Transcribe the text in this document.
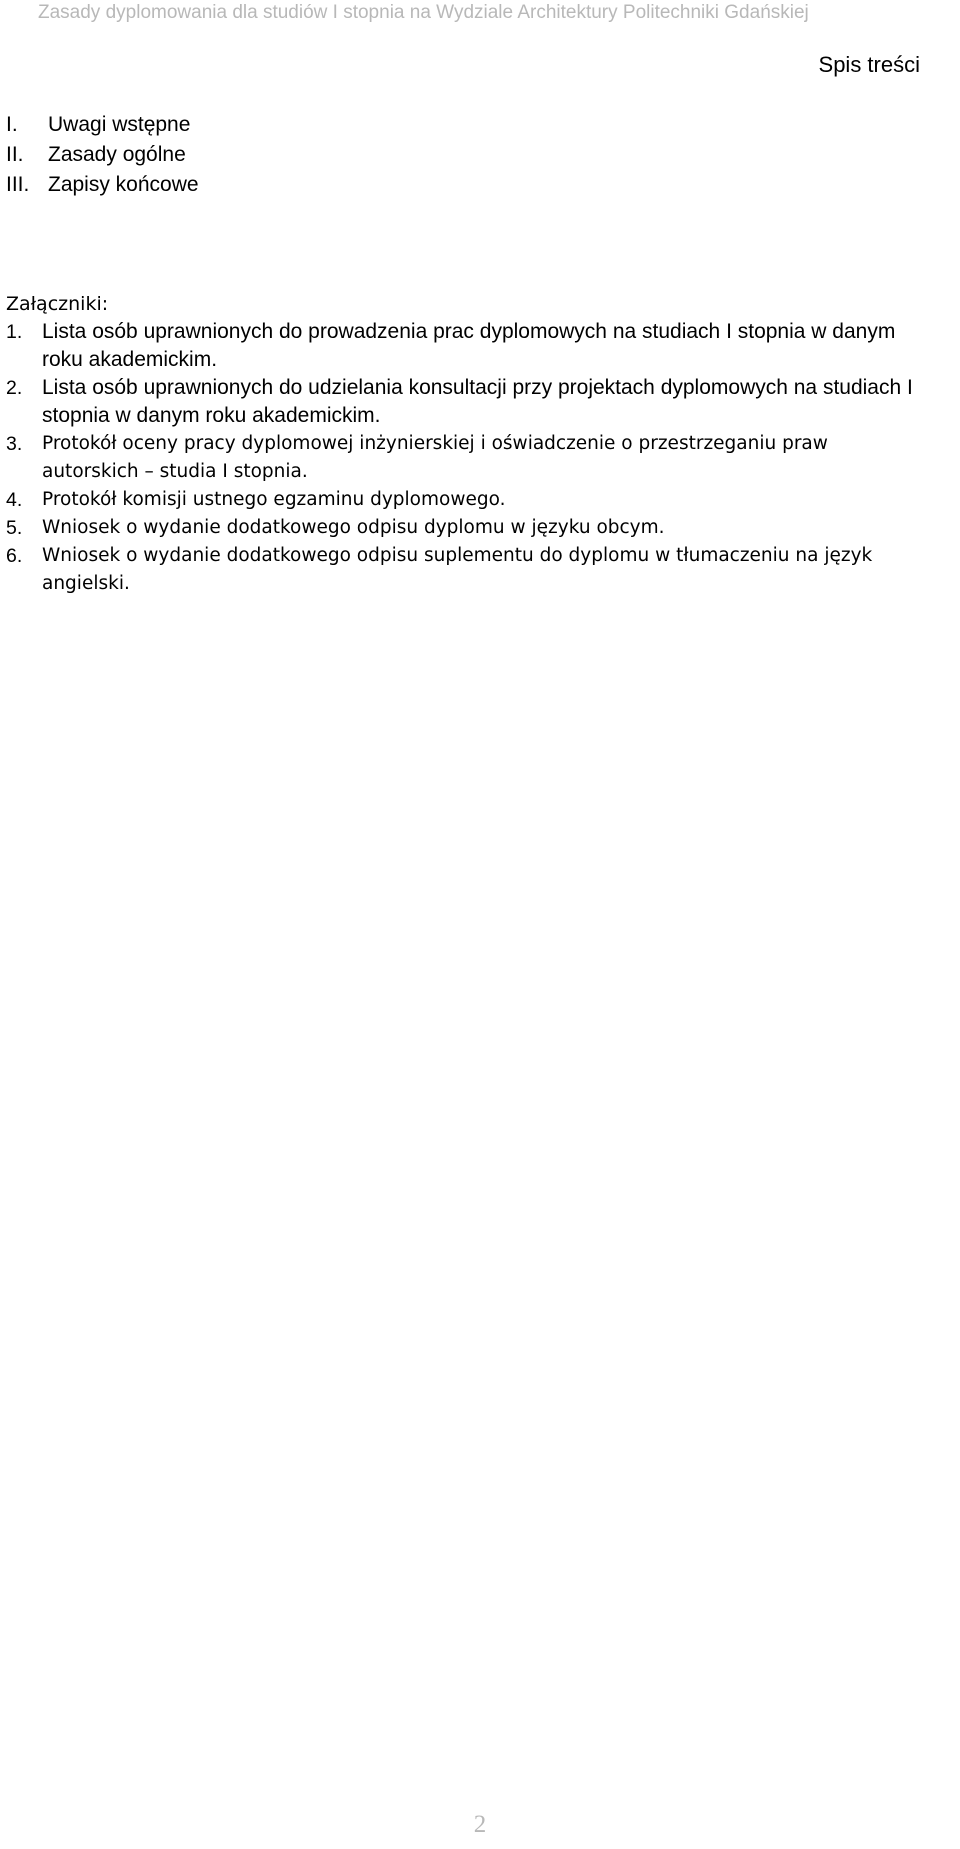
Zasady dyplomowania dla studiów I stopnia na Wydziale Architektury Politechniki Gdańskiej
Spis treści
I.	Uwagi wstępne
II.	Zasady ogólne
III. Zapisy końcowe
Załączniki:
1. Lista osób uprawnionych do prowadzenia prac dyplomowych na studiach I stopnia w danym roku akademickim.
2. Lista osób uprawnionych do udzielania konsultacji przy projektach dyplomowych na studiach I stopnia w danym roku akademickim.
3.	Protokół oceny pracy dyplomowej inżynierskiej i oświadczenie o przestrzeganiu praw autorskich – studia I stopnia.
4.	Protokół komisji ustnego egzaminu dyplomowego.
5.	Wniosek o wydanie dodatkowego odpisu dyplomu w języku obcym.
6.	Wniosek o wydanie dodatkowego odpisu suplementu do dyplomu w tłumaczeniu na język angielski.
2
